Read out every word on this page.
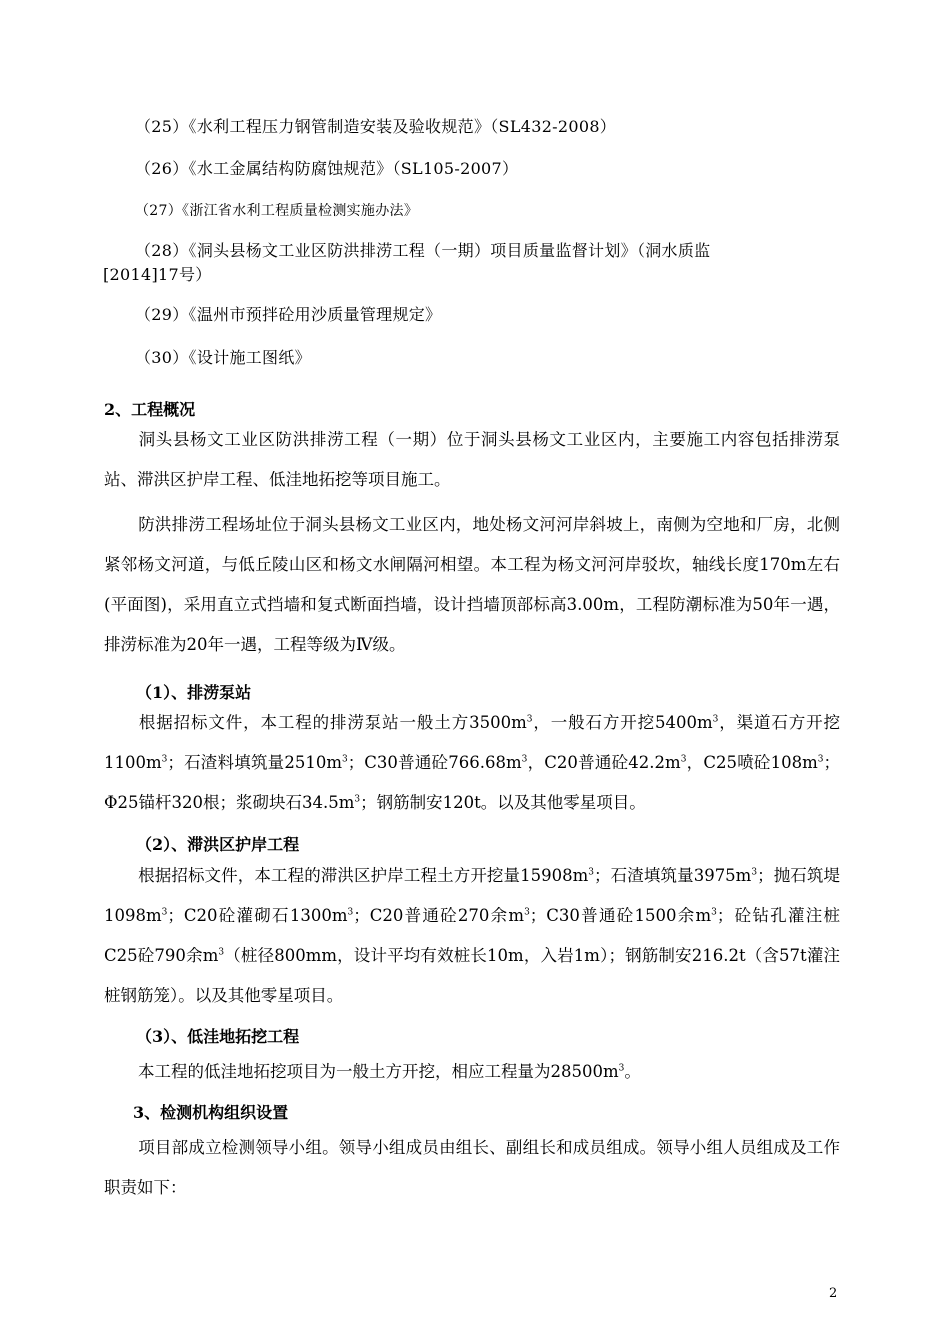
（25）《水利工程压力钢管制造安装及验收规范》（SL432-2008）
（26）《水工金属结构防腐蚀规范》（SL105-2007）
（27）《浙江省水利工程质量检测实施办法》
（28）《洞头县杨文工业区防洪排涝工程（一期）项目质量监督计划》（洞水质监
[2014]17号）
（29）《温州市预拌砼用沙质量管理规定》
（30）《设计施工图纸》
2、工程概况
洞头县杨文工业区防洪排涝工程（一期）位于洞头县杨文工业区内，主要施工内容包括排涝泵站、滞洪区护岸工程、低洼地拓挖等项目施工。
防洪排涝工程场址位于洞头县杨文工业区内，地处杨文河河岸斜坡上，南侧为空地和厂房，北侧紧邻杨文河道，与低丘陵山区和杨文水闸隔河相望。本工程为杨文河河岸驳坎，轴线长度170m左右(平面图)，采用直立式挡墙和复式断面挡墙，设计挡墙顶部标高3.00m，工程防潮标准为50年一遇，排涝标准为20年一遇，工程等级为Ⅳ级。
（1）、排涝泵站
根据招标文件，本工程的排涝泵站一般土方$3500m^3$，一般石方开挖$5400m^3$，渠道石方开挖$1100m^3$；石渣料填筑量$2510m^3$；C30普通砼$766.68m^3$，C20普通砼$42.2m^3$，C25喷砼$108m^3$；Φ25锚杆320根；浆砌块石$34.5m^3$；钢筋制安120t。以及其他零星项目。
（2）、滞洪区护岸工程
根据招标文件，本工程的滞洪区护岸工程土方开挖量$15908m^3$；石渣填筑量$3975m^3$；抛石筑堤$1098m^3$；C20砼灌砌石$1300m^3$；C20普通砼270余$m^3$；C30普通砼1500余$m^3$；砼钻孔灌注桩C25砼790余$m^3$（桩径800mm，设计平均有效桩长10m，入岩1m）；钢筋制安216.2t（含57t灌注桩钢筋笼）。以及其他零星项目。
（3）、低洼地拓挖工程
本工程的低洼地拓挖项目为一般土方开挖，相应工程量为$28500m^3$。
3、检测机构组织设置
项目部成立检测领导小组。领导小组成员由组长、副组长和成员组成。领导小组人员组成及工作职责如下：
2
